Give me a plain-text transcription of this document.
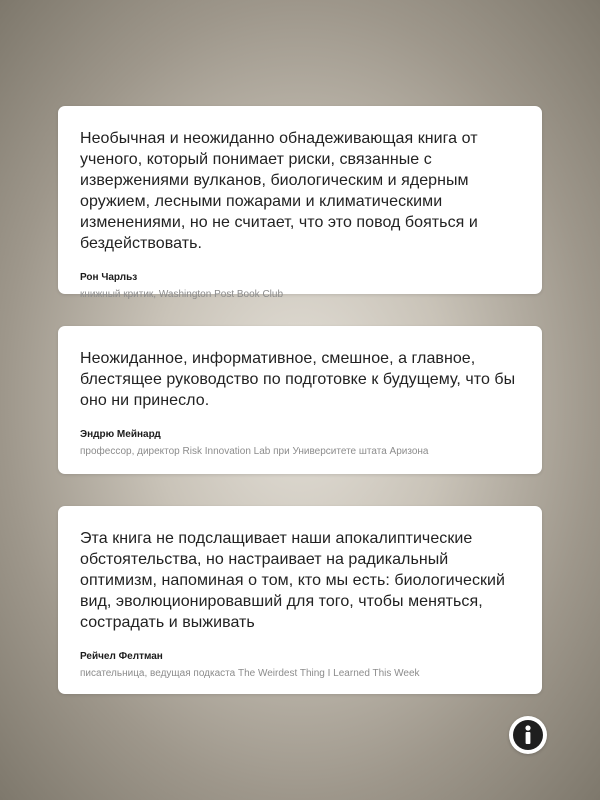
Необычная и неожиданно обнадеживающая книга от ученого, который понимает риски, связанные с извержениями вулканов, биологическим и ядерным оружием, лесными пожарами и климатическими изменениями, но не считает, что это повод бояться и бездействовать.

Рон Чарльз
книжный критик, Washington Post Book Club

Неожиданное, информативное, смешное, а главное, блестящее руководство по подготовке к будущему, что бы оно ни принесло.

Эндрю Мейнард
профессор, директор Risk Innovation Lab при Университете штата Аризона

Эта книга не подслащивает наши апокалиптические обстоятельства, но настраивает на радикальный оптимизм, напоминая о том, кто мы есть: биологический вид, эволюционировавший для того, чтобы меняться, сострадать и выживать

Рейчел Фелтман
писательница, ведущая подкаста The Weirdest Thing I Learned This Week
